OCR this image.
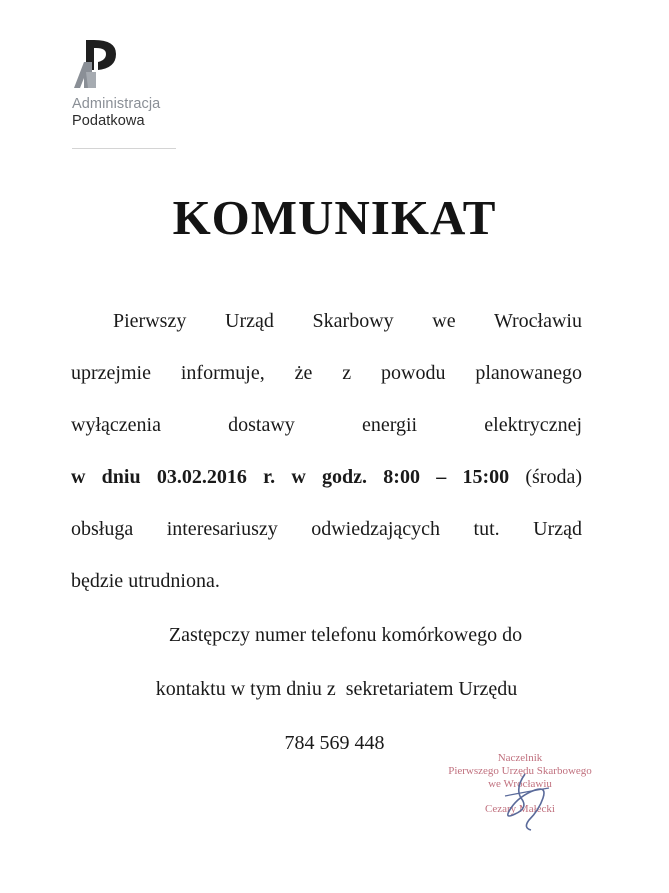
Administracja
Podatkowa
KOMUNIKAT
Pierwszy Urząd Skarbowy we Wrocławiu
uprzejmie informuje, że z powodu planowanego
wyłączenia dostawy energii elektrycznej
w dniu 03.02.2016 r. w godz. 8:00 – 15:00 (środa)
obsługa interesariuszy odwiedzających tut. Urząd
będzie utrudniona.
Zastępczy numer telefonu komórkowego do
kontaktu w tym dniu z  sekretariatem Urzędu
784 569 448
Naczelnik
Pierwszego Urzędu Skarbowego
we Wrocławiu
Cezary Małecki
